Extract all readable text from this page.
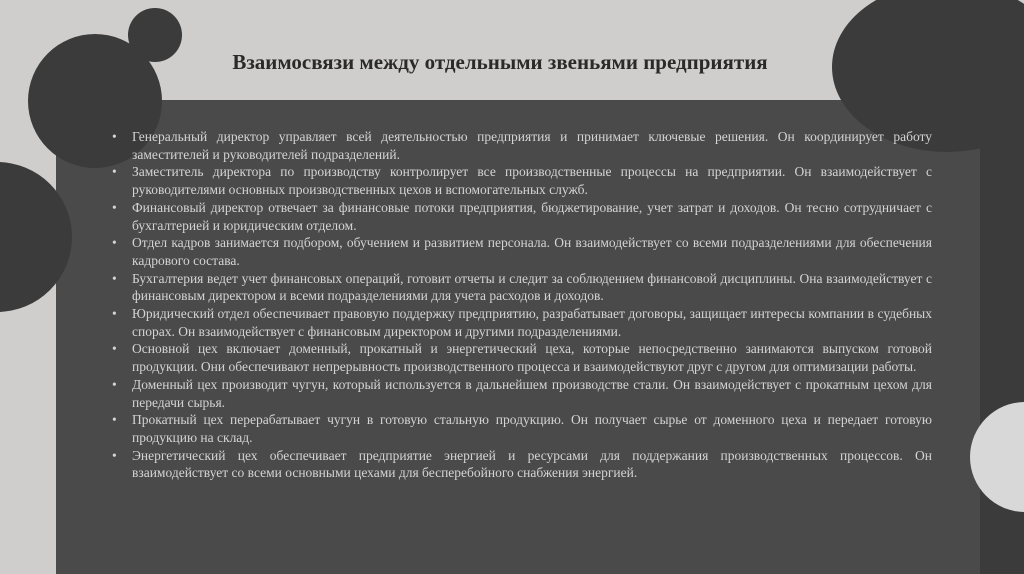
Взаимосвязи между отдельными звеньями предприятия
• Генеральный директор управляет всей деятельностью предприятия и принимает ключевые решения. Он координирует работу заместителей и руководителей подразделений.
• Заместитель директора по производству контролирует все производственные процессы на предприятии. Он взаимодействует с руководителями основных производственных цехов и вспомогательных служб.
• Финансовый директор отвечает за финансовые потоки предприятия, бюджетирование, учет затрат и доходов. Он тесно сотрудничает с бухгалтерией и юридическим отделом.
• Отдел кадров занимается подбором, обучением и развитием персонала. Он взаимодействует со всеми подразделениями для обеспечения кадрового состава.
• Бухгалтерия ведет учет финансовых операций, готовит отчеты и следит за соблюдением финансовой дисциплины. Она взаимодействует с финансовым директором и всеми подразделениями для учета расходов и доходов.
• Юридический отдел обеспечивает правовую поддержку предприятию, разрабатывает договоры, защищает интересы компании в судебных спорах. Он взаимодействует с финансовым директором и другими подразделениями.
• Основной цех включает доменный, прокатный и энергетический цеха, которые непосредственно занимаются выпуском готовой продукции. Они обеспечивают непрерывность производственного процесса и взаимодействуют друг с другом для оптимизации работы.
• Доменный цех производит чугун, который используется в дальнейшем производстве стали. Он взаимодействует с прокатным цехом для передачи сырья.
• Прокатный цех перерабатывает чугун в готовую стальную продукцию. Он получает сырье от доменного цеха и передает готовую продукцию на склад.
• Энергетический цех обеспечивает предприятие энергией и ресурсами для поддержания производственных процессов. Он взаимодействует со всеми основными цехами для бесперебойного снабжения энергией.
